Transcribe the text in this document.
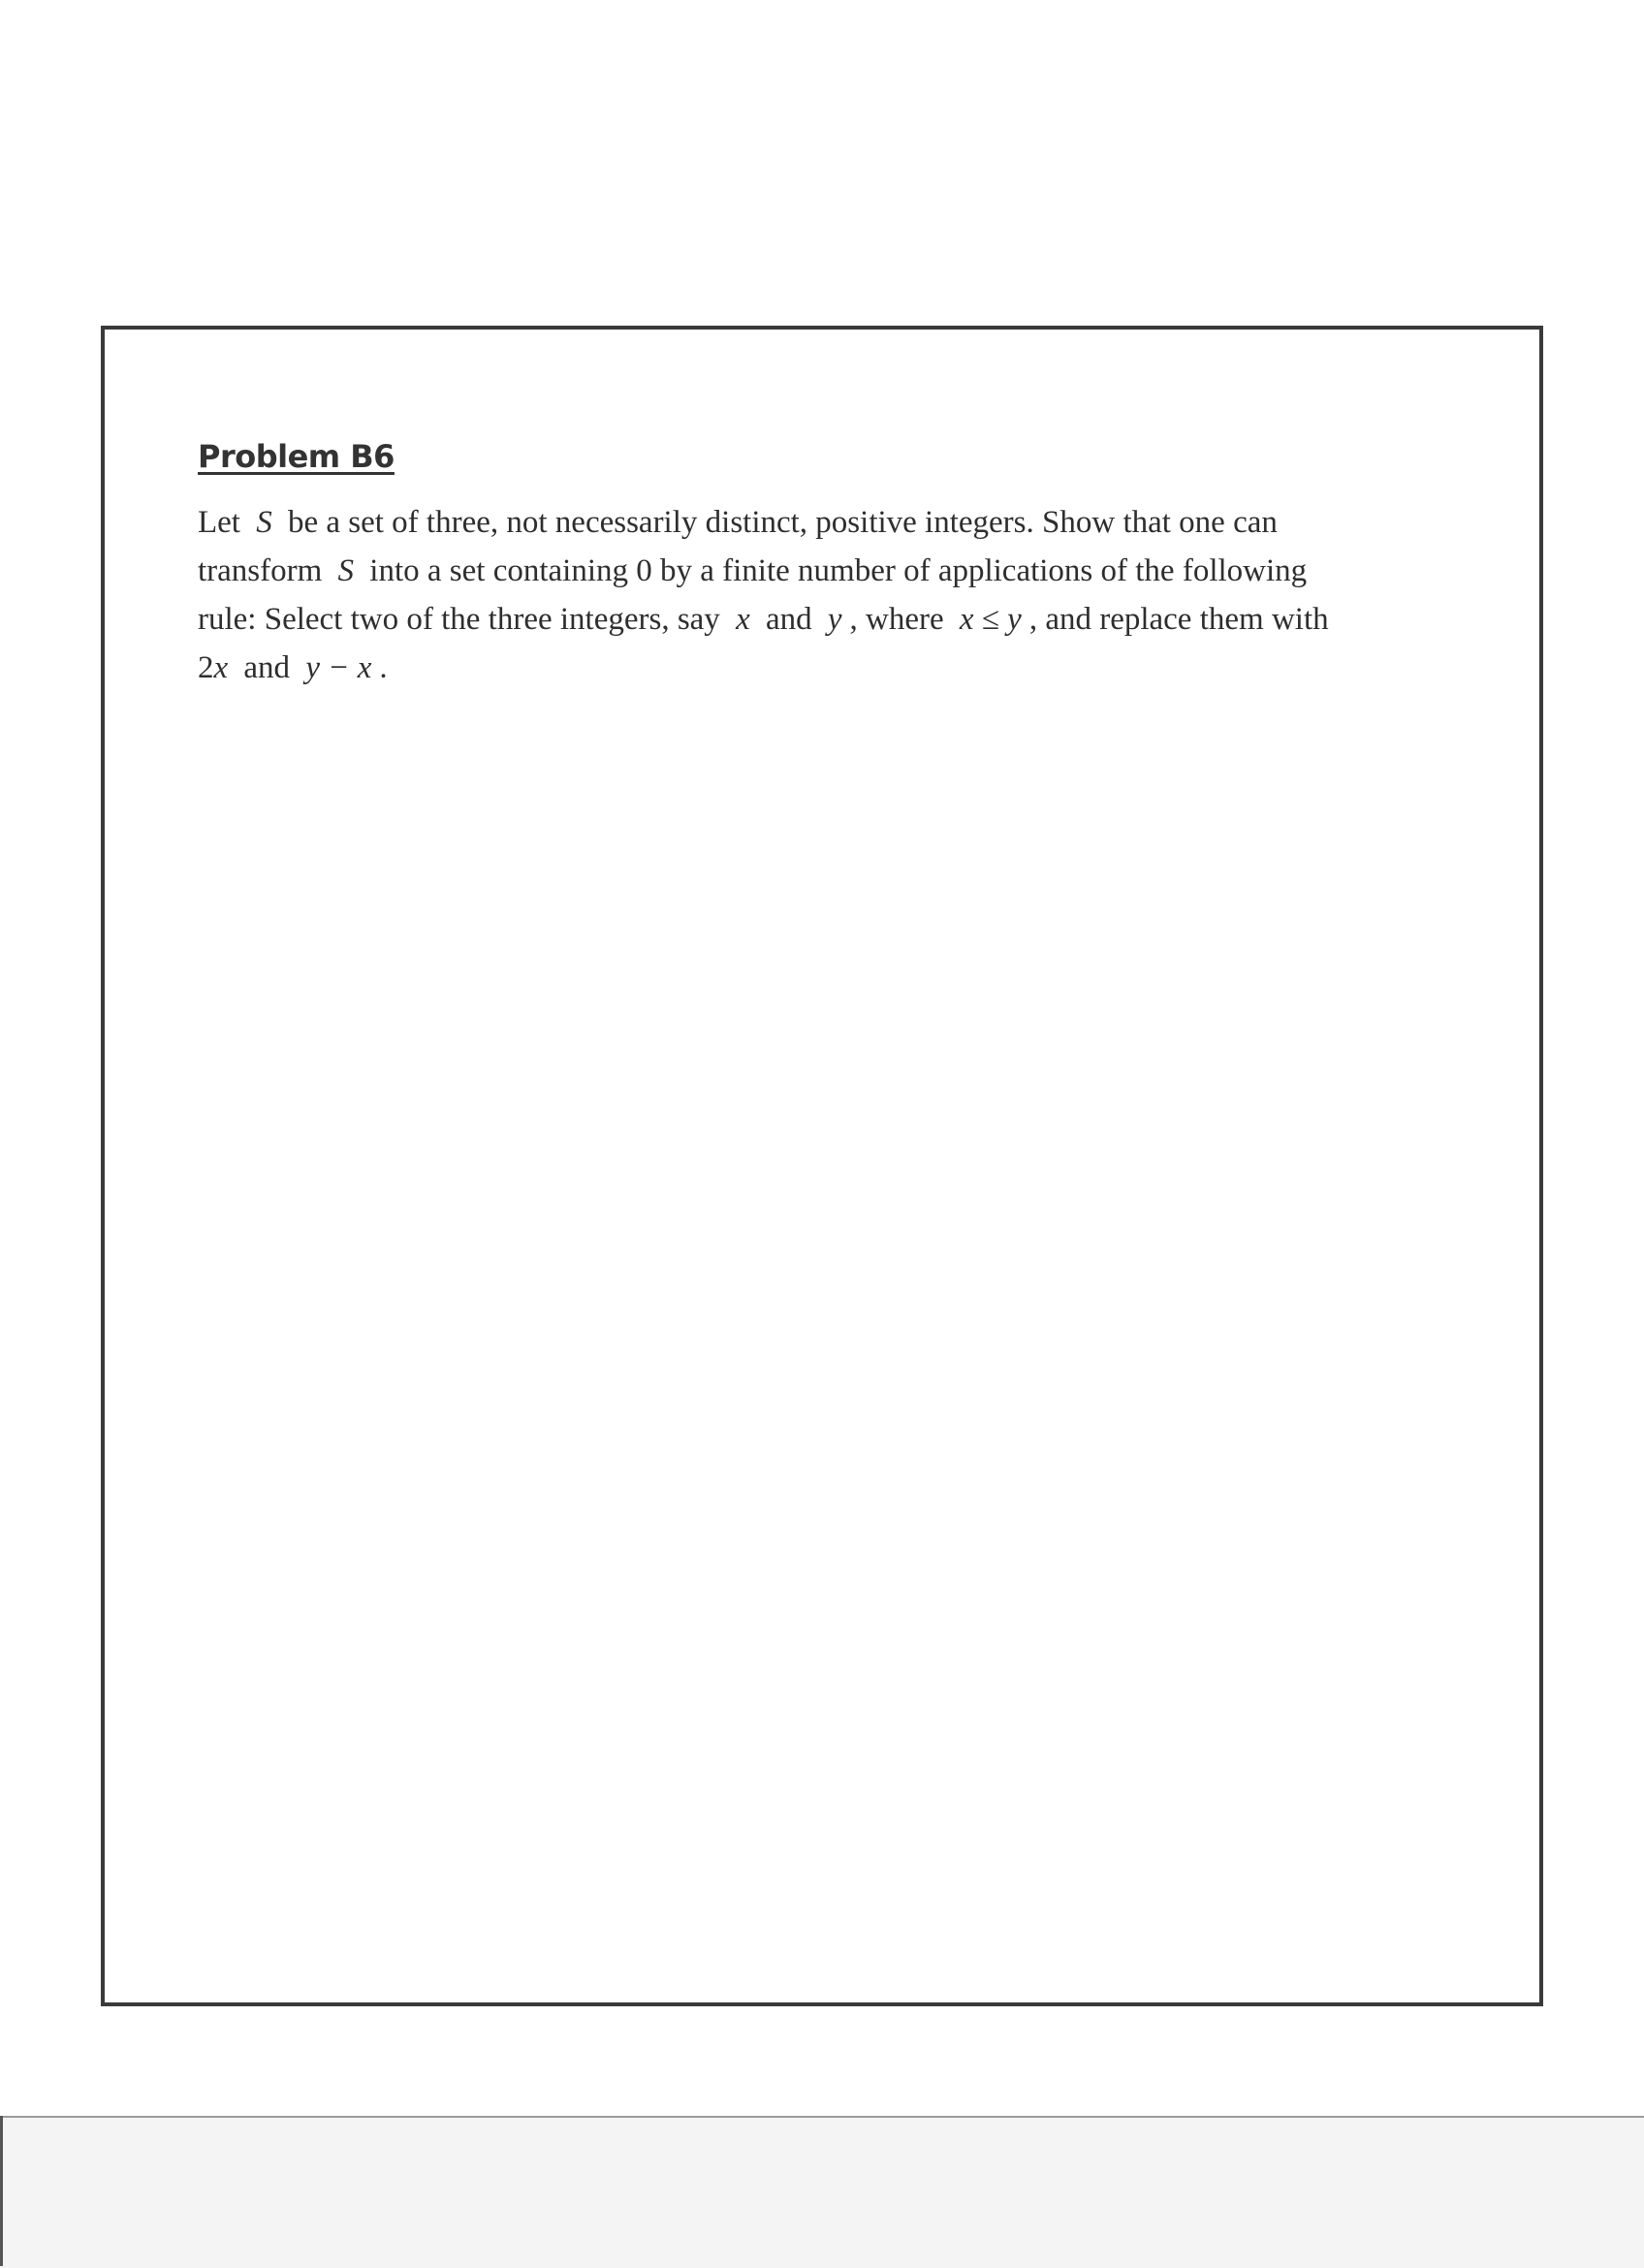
Problem B6

Let S be a set of three, not necessarily distinct, positive integers. Show that one can
transform S into a set containing 0 by a finite number of applications of the following
rule: Select two of the three integers, say x and y , where x ≤ y , and replace them with
2x and y − x .
